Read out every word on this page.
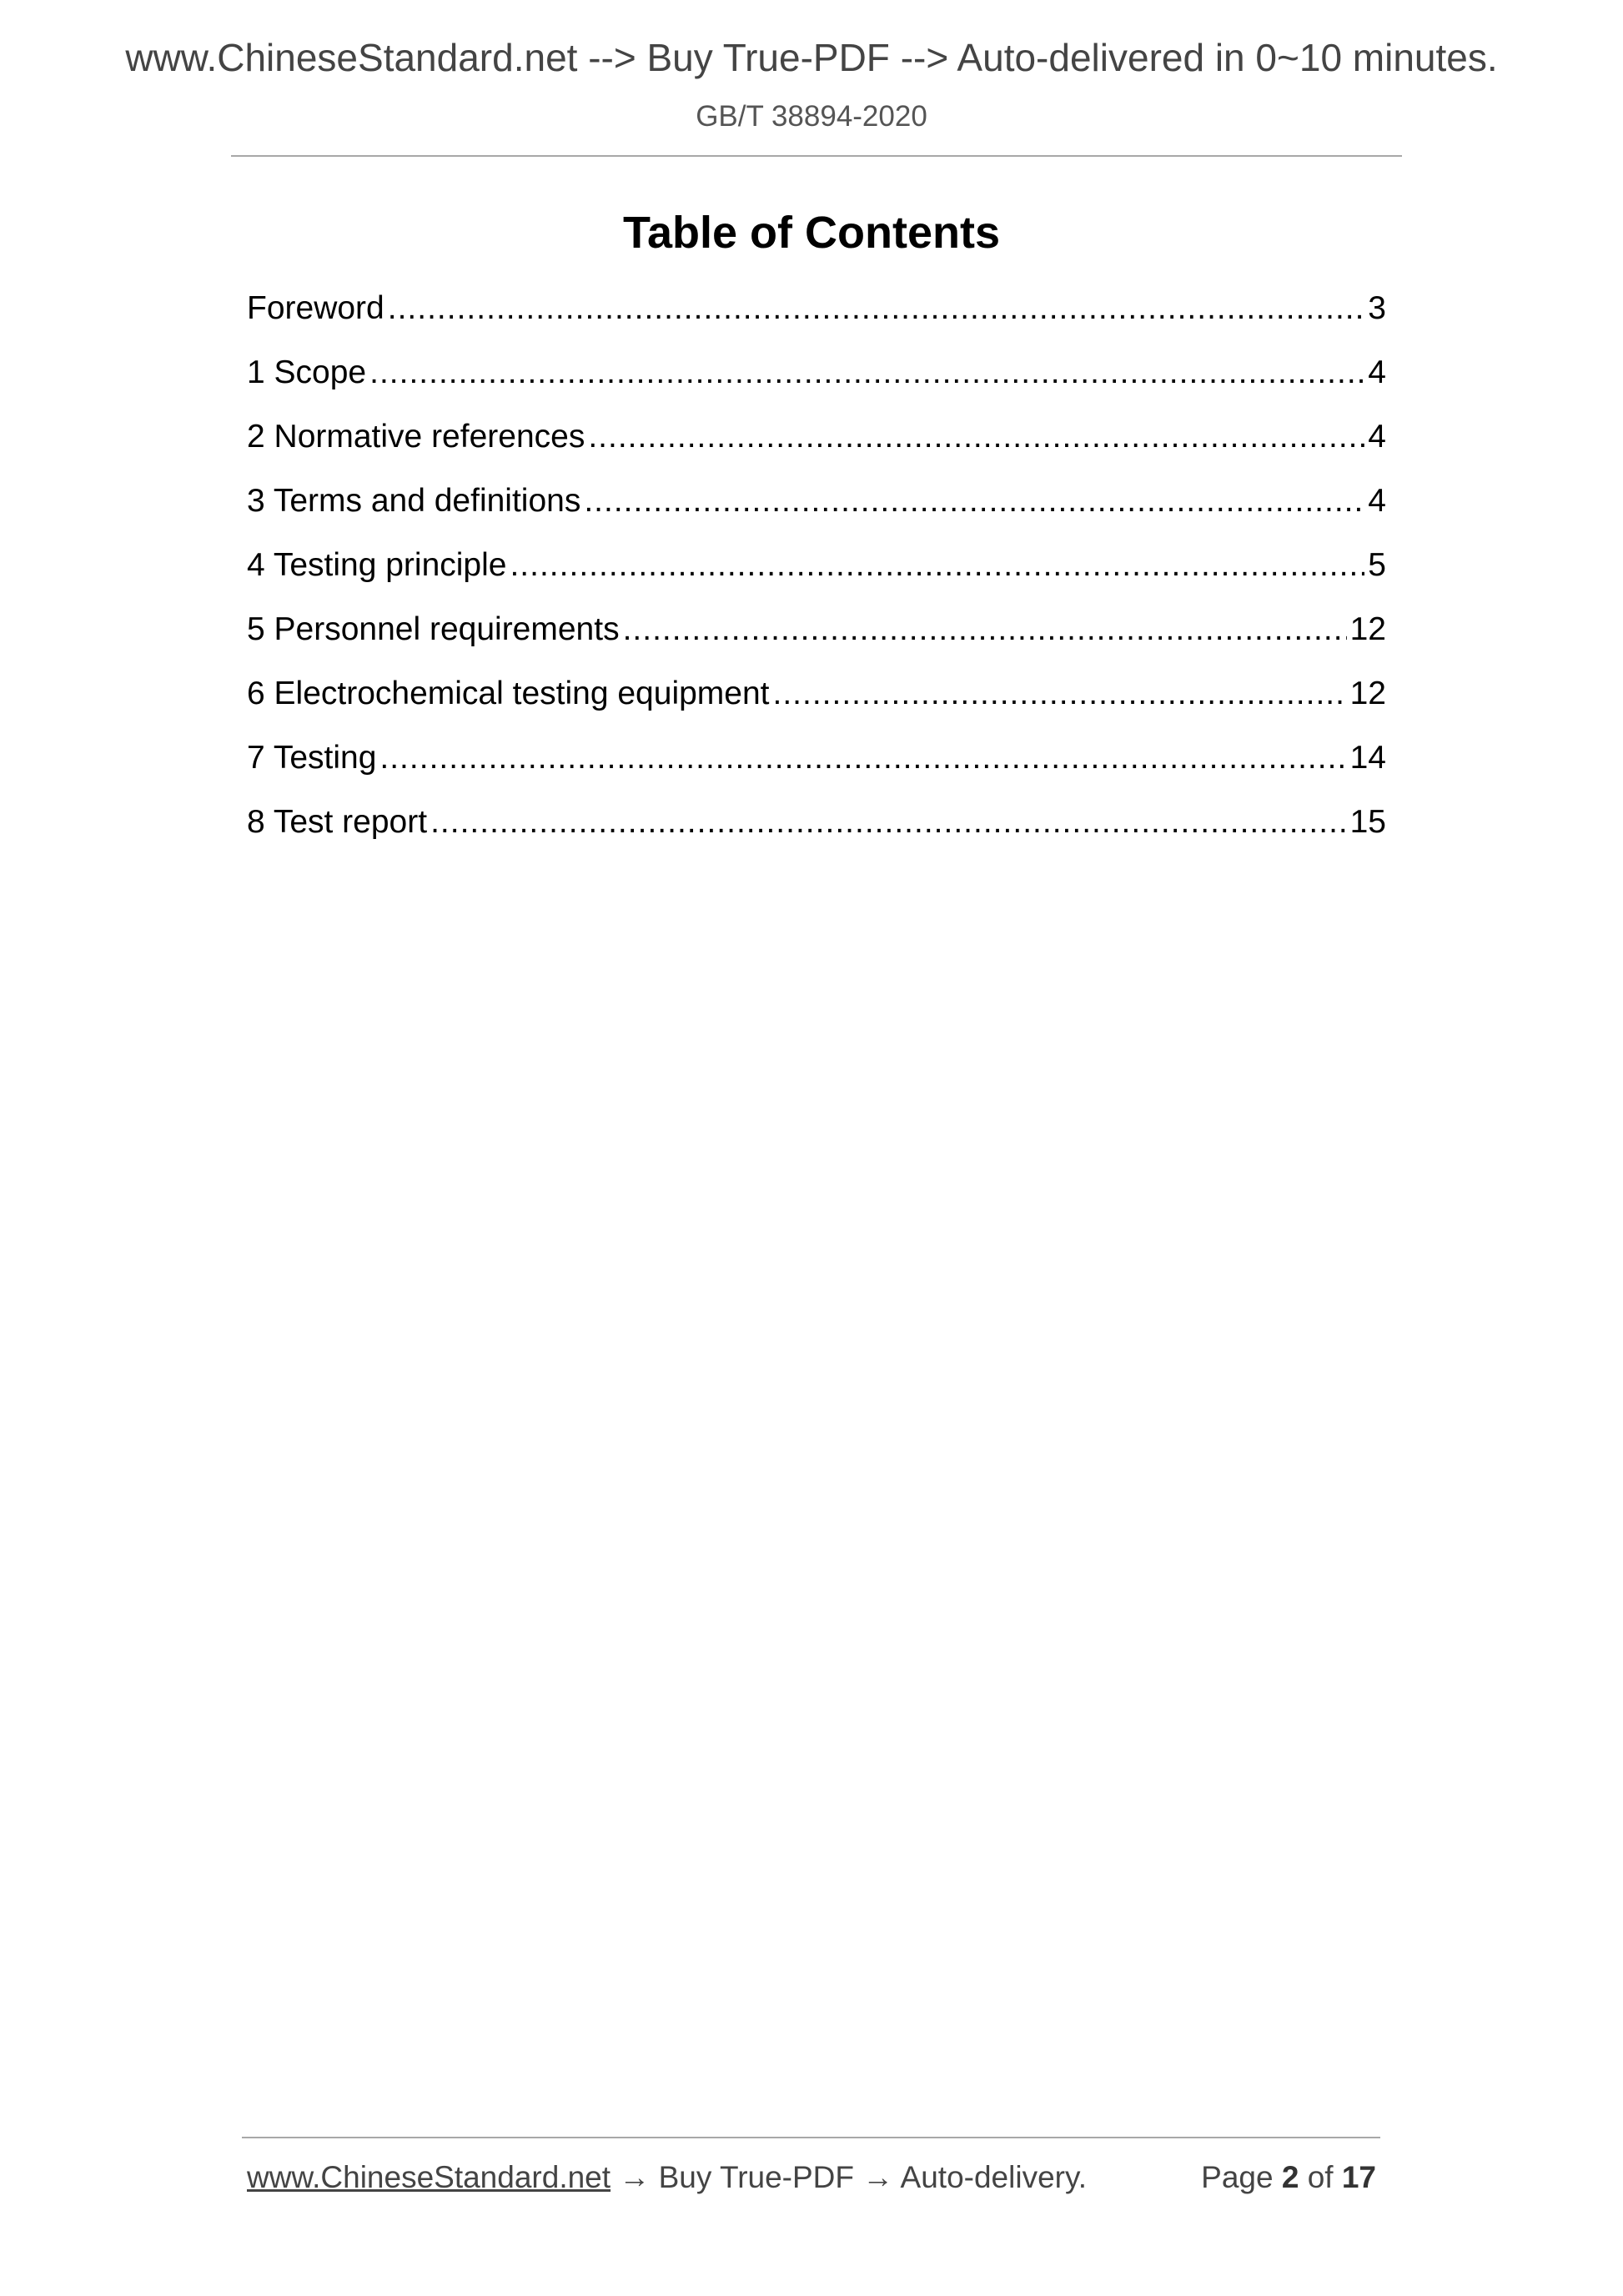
www.ChineseStandard.net --> Buy True-PDF --> Auto-delivered in 0~10 minutes.
GB/T 38894-2020
Table of Contents
Foreword .....	3
1 Scope .....	4
2 Normative references .....	4
3 Terms and definitions .....	4
4 Testing principle .....	5
5 Personnel requirements .....	12
6 Electrochemical testing equipment .....	12
7 Testing .....	14
8 Test report .....	15
www.ChineseStandard.net → Buy True-PDF → Auto-delivery.	Page 2 of 17
